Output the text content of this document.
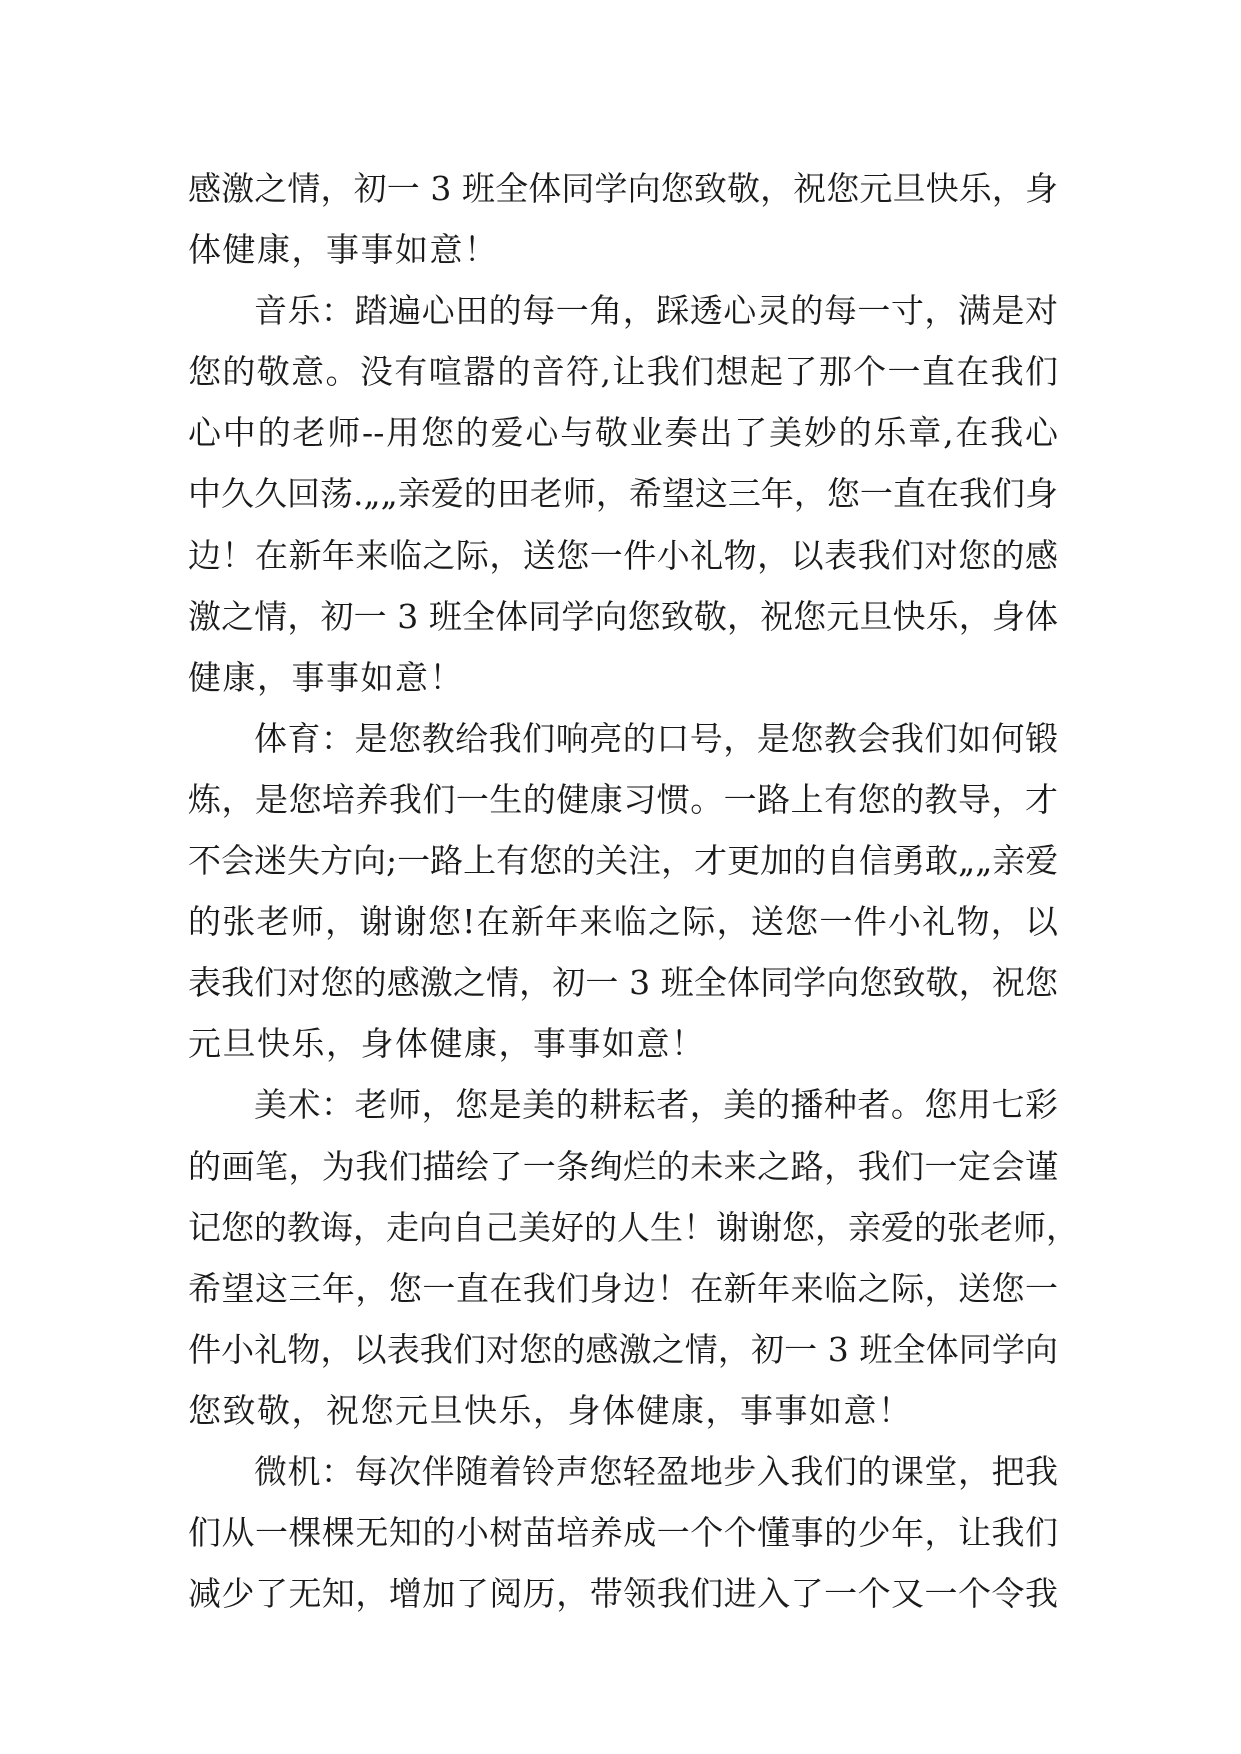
感激之情，初一 3 班全体同学向您致敬，祝您元旦快乐，身
体健康，事事如意！
音乐：踏遍心田的每一角，踩透心灵的每一寸，满是对
您的敬意。没有喧嚣的音符,让我们想起了那个一直在我们
心中的老师--用您的爱心与敬业奏出了美妙的乐章,在我心
中久久回荡.„„亲爱的田老师，希望这三年，您一直在我们身
边！在新年来临之际，送您一件小礼物，以表我们对您的感
激之情，初一 3 班全体同学向您致敬，祝您元旦快乐，身体
健康，事事如意！
体育：是您教给我们响亮的口号，是您教会我们如何锻
炼，是您培养我们一生的健康习惯。一路上有您的教导，才
不会迷失方向;一路上有您的关注，才更加的自信勇敢„„亲爱
的张老师，谢谢您!在新年来临之际，送您一件小礼物，以
表我们对您的感激之情，初一 3 班全体同学向您致敬，祝您
元旦快乐，身体健康，事事如意！
美术：老师，您是美的耕耘者，美的播种者。您用七彩
的画笔，为我们描绘了一条绚烂的未来之路，我们一定会谨
记您的教诲，走向自己美好的人生！谢谢您，亲爱的张老师，
希望这三年，您一直在我们身边！在新年来临之际，送您一
件小礼物，以表我们对您的感激之情，初一 3 班全体同学向
您致敬，祝您元旦快乐，身体健康，事事如意！
微机：每次伴随着铃声您轻盈地步入我们的课堂，把我
们从一棵棵无知的小树苗培养成一个个懂事的少年，让我们
减少了无知，增加了阅历，带领我们进入了一个又一个令我
